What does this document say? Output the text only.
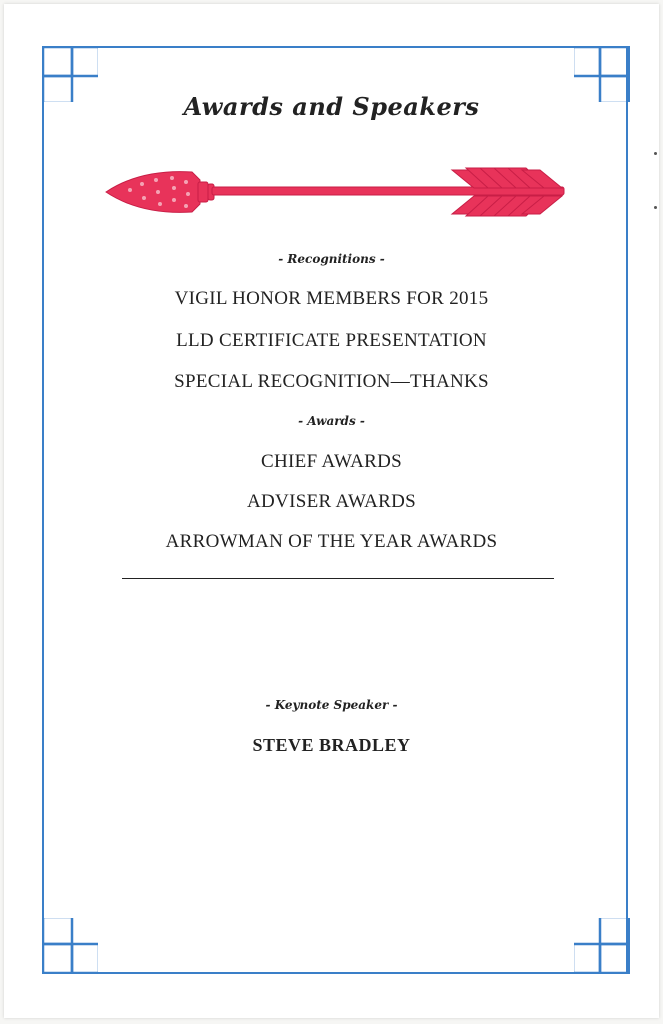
Awards and Speakers
- Recognitions -
VIGIL HONOR MEMBERS FOR 2015
LLD CERTIFICATE PRESENTATION
SPECIAL RECOGNITION—THANKS
- Awards -
CHIEF AWARDS
ADVISER AWARDS
ARROWMAN OF THE YEAR AWARDS
- Keynote Speaker -
STEVE BRADLEY
